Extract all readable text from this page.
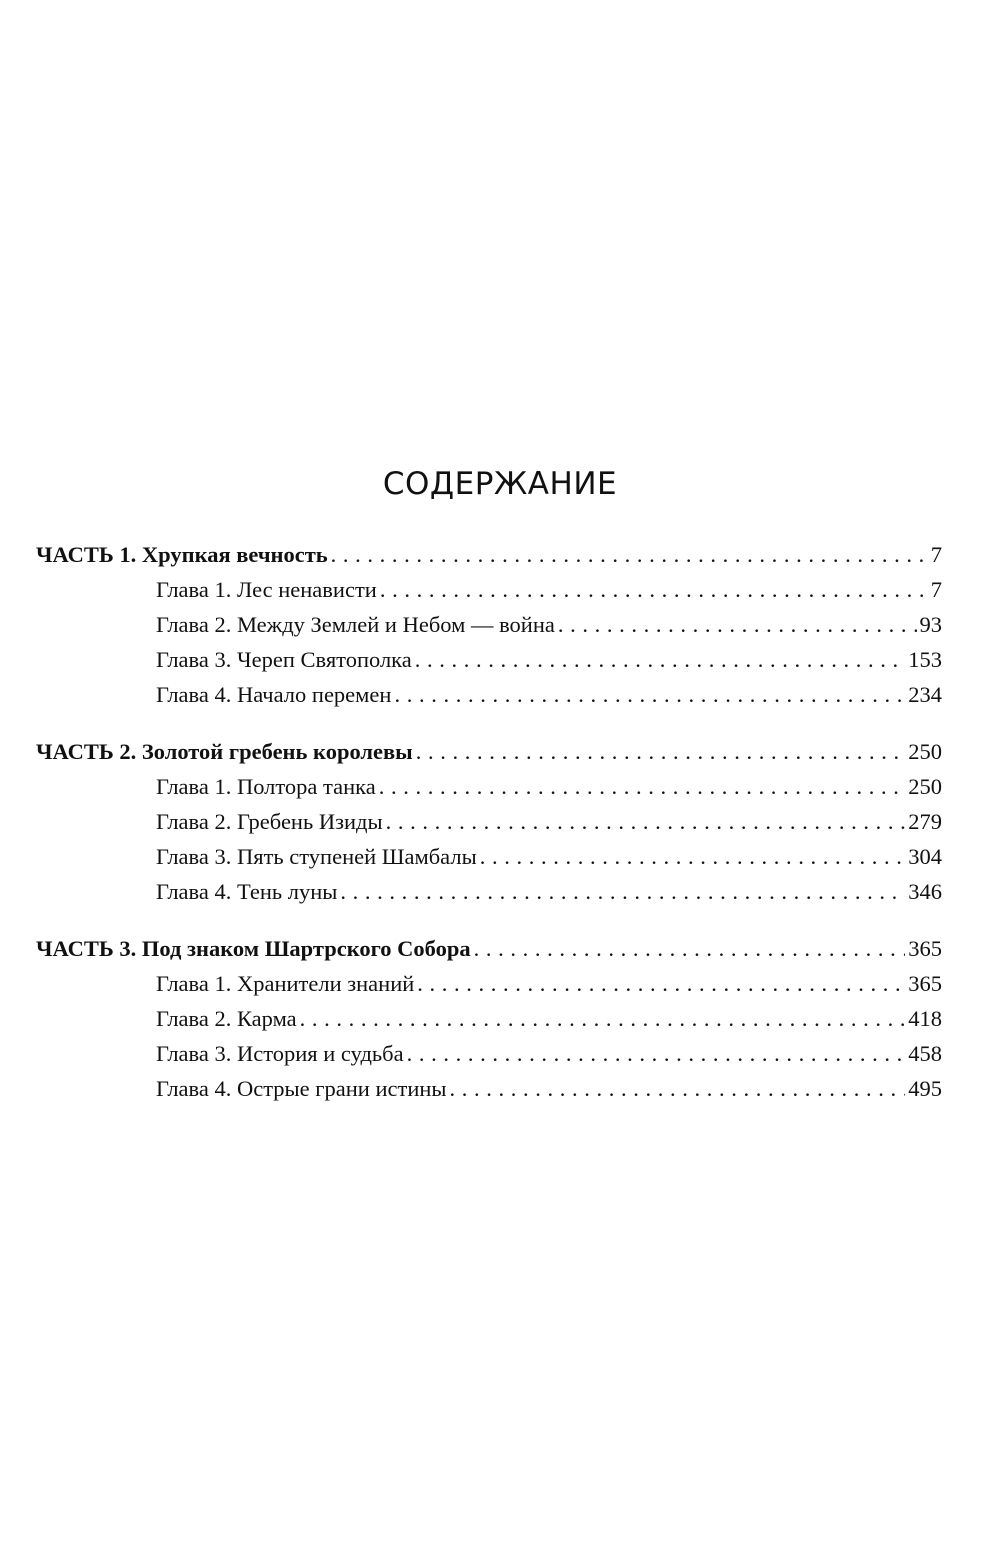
СОДЕРЖАНИЕ
ЧАСТЬ 1. Хрупкая вечность . . .	7
Глава 1. Лес ненависти . . .	7
Глава 2. Между Землей и Небом — война . . .	93
Глава 3. Череп Святополка . . .	153
Глава 4. Начало перемен . . .	234
ЧАСТЬ 2. Золотой гребень королевы . . .	250
Глава 1. Полтора танка . . .	250
Глава 2. Гребень Изиды . . .	279
Глава 3. Пять ступеней Шамбалы . . .	304
Глава 4. Тень луны . . .	346
ЧАСТЬ 3. Под знаком Шартрского Собора . . .	365
Глава 1. Хранители знаний . . .	365
Глава 2. Карма . . .	418
Глава 3. История и судьба . . .	458
Глава 4. Острые грани истины . . .	495
